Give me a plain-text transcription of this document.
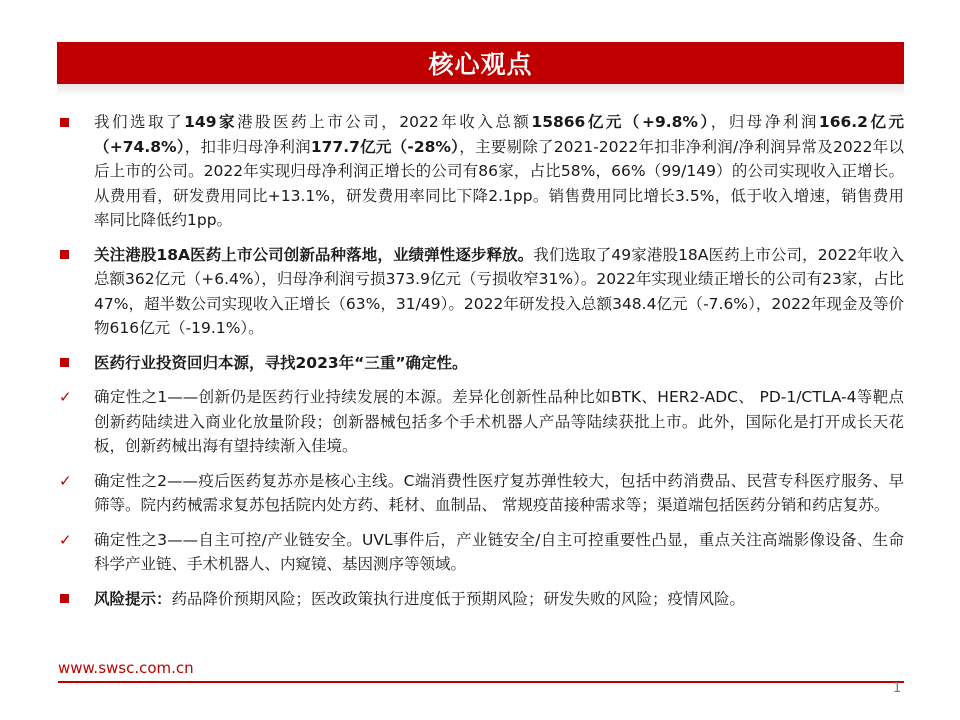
核心观点
我们选取了149家港股医药上市公司，2022年收入总额15866亿元（+9.8%），归母净利润166.2亿元（+74.8%），扣非归母净利润177.7亿元（-28%），主要剔除了2021-2022年扣非净利润/净利润异常及2022年以后上市的公司。2022年实现归母净利润正增长的公司有86家，占比58%，66%（99/149）的公司实现收入正增长。从费用看，研发费用同比+13.1%，研发费用率同比下降2.1pp。销售费用同比增长3.5%，低于收入增速，销售费用率同比降低约1pp。
关注港股18A医药上市公司创新品种落地，业绩弹性逐步释放。我们选取了49家港股18A医药上市公司，2022年收入总额362亿元（+6.4%），归母净利润亏损373.9亿元（亏损收窄31%）。2022年实现业绩正增长的公司有23家，占比47%，超半数公司实现收入正增长（63%，31/49）。2022年研发投入总额348.4亿元（-7.6%），2022年现金及等价物616亿元（-19.1%）。
医药行业投资回归本源，寻找2023年“三重”确定性。
✓ 确定性之1——创新仍是医药行业持续发展的本源。差异化创新性品种比如BTK、HER2-ADC、 PD-1/CTLA-4等靶点创新药陆续进入商业化放量阶段；创新器械包括多个手术机器人产品等陆续获批上市。此外，国际化是打开成长天花板，创新药械出海有望持续渐入佳境。
✓ 确定性之2——疫后医药复苏亦是核心主线。C端消费性医疗复苏弹性较大，包括中药消费品、民营专科医疗服务、早筛等。院内药械需求复苏包括院内处方药、耗材、血制品、 常规疫苗接种需求等；渠道端包括医药分销和药店复苏。
✓ 确定性之3——自主可控/产业链安全。UVL事件后，产业链安全/自主可控重要性凸显，重点关注高端影像设备、生命科学产业链、手术机器人、内窥镜、基因测序等领域。
风险提示：药品降价预期风险；医改政策执行进度低于预期风险；研发失败的风险；疫情风险。
www.swsc.com.cn
1
